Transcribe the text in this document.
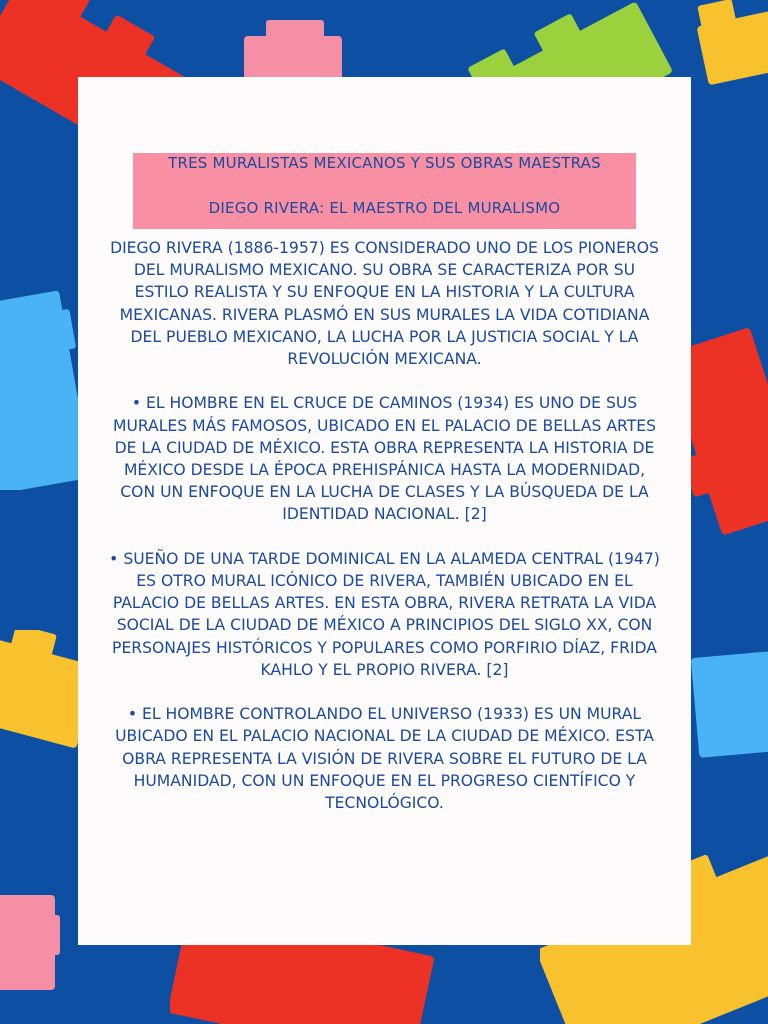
TRES MURALISTAS MEXICANOS Y SUS OBRAS MAESTRAS
DIEGO RIVERA: EL MAESTRO DEL MURALISMO

DIEGO RIVERA (1886-1957) ES CONSIDERADO UNO DE LOS PIONEROS DEL MURALISMO MEXICANO. SU OBRA SE CARACTERIZA POR SU ESTILO REALISTA Y SU ENFOQUE EN LA HISTORIA Y LA CULTURA MEXICANAS. RIVERA PLASMÓ EN SUS MURALES LA VIDA COTIDIANA DEL PUEBLO MEXICANO, LA LUCHA POR LA JUSTICIA SOCIAL Y LA REVOLUCIÓN MEXICANA.

• EL HOMBRE EN EL CRUCE DE CAMINOS (1934) ES UNO DE SUS MURALES MÁS FAMOSOS, UBICADO EN EL PALACIO DE BELLAS ARTES DE LA CIUDAD DE MÉXICO. ESTA OBRA REPRESENTA LA HISTORIA DE MÉXICO DESDE LA ÉPOCA PREHISPÁNICA HASTA LA MODERNIDAD, CON UN ENFOQUE EN LA LUCHA DE CLASES Y LA BÚSQUEDA DE LA IDENTIDAD NACIONAL. [2]

• SUEÑO DE UNA TARDE DOMINICAL EN LA ALAMEDA CENTRAL (1947) ES OTRO MURAL ICÓNICO DE RIVERA, TAMBIÉN UBICADO EN EL PALACIO DE BELLAS ARTES. EN ESTA OBRA, RIVERA RETRATA LA VIDA SOCIAL DE LA CIUDAD DE MÉXICO A PRINCIPIOS DEL SIGLO XX, CON PERSONAJES HISTÓRICOS Y POPULARES COMO PORFIRIO DÍAZ, FRIDA KAHLO Y EL PROPIO RIVERA. [2]

• EL HOMBRE CONTROLANDO EL UNIVERSO (1933) ES UN MURAL UBICADO EN EL PALACIO NACIONAL DE LA CIUDAD DE MÉXICO. ESTA OBRA REPRESENTA LA VISIÓN DE RIVERA SOBRE EL FUTURO DE LA HUMANIDAD, CON UN ENFOQUE EN EL PROGRESO CIENTÍFICO Y TECNOLÓGICO.
